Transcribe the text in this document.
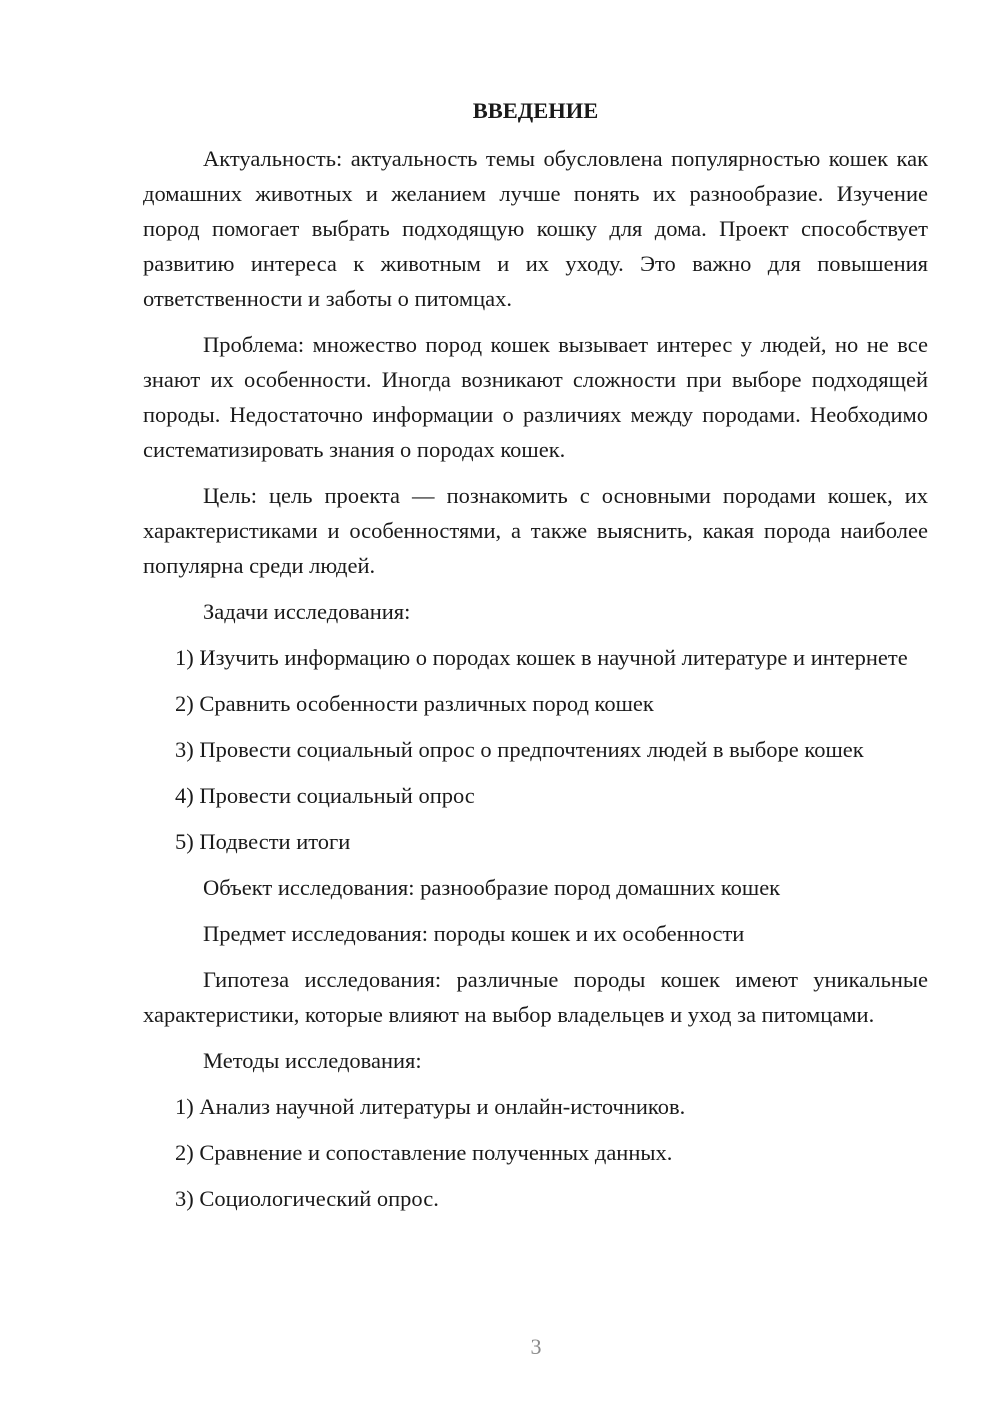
ВВЕДЕНИЕ

Актуальность: актуальность темы обусловлена популярностью кошек как домашних животных и желанием лучше понять их разнообразие. Изучение пород помогает выбрать подходящую кошку для дома. Проект способствует развитию интереса к животным и их уходу. Это важно для повышения ответственности и заботы о питомцах.

Проблема: множество пород кошек вызывает интерес у людей, но не все знают их особенности. Иногда возникают сложности при выборе подходящей породы. Недостаточно информации о различиях между породами. Необходимо систематизировать знания о породах кошек.

Цель: цель проекта — познакомить с основными породами кошек, их характеристиками и особенностями, а также выяснить, какая порода наиболее популярна среди людей.

Задачи исследования:

1) Изучить информацию о породах кошек в научной литературе и интернете

2) Сравнить особенности различных пород кошек

3) Провести социальный опрос о предпочтениях людей в выборе кошек

4) Провести социальный опрос

5) Подвести итоги

Объект исследования: разнообразие пород домашних кошек

Предмет исследования: породы кошек и их особенности

Гипотеза исследования: различные породы кошек имеют уникальные характеристики, которые влияют на выбор владельцев и уход за питомцами.

Методы исследования:

1) Анализ научной литературы и онлайн-источников.

2) Сравнение и сопоставление полученных данных.

3) Социологический опрос.

3
